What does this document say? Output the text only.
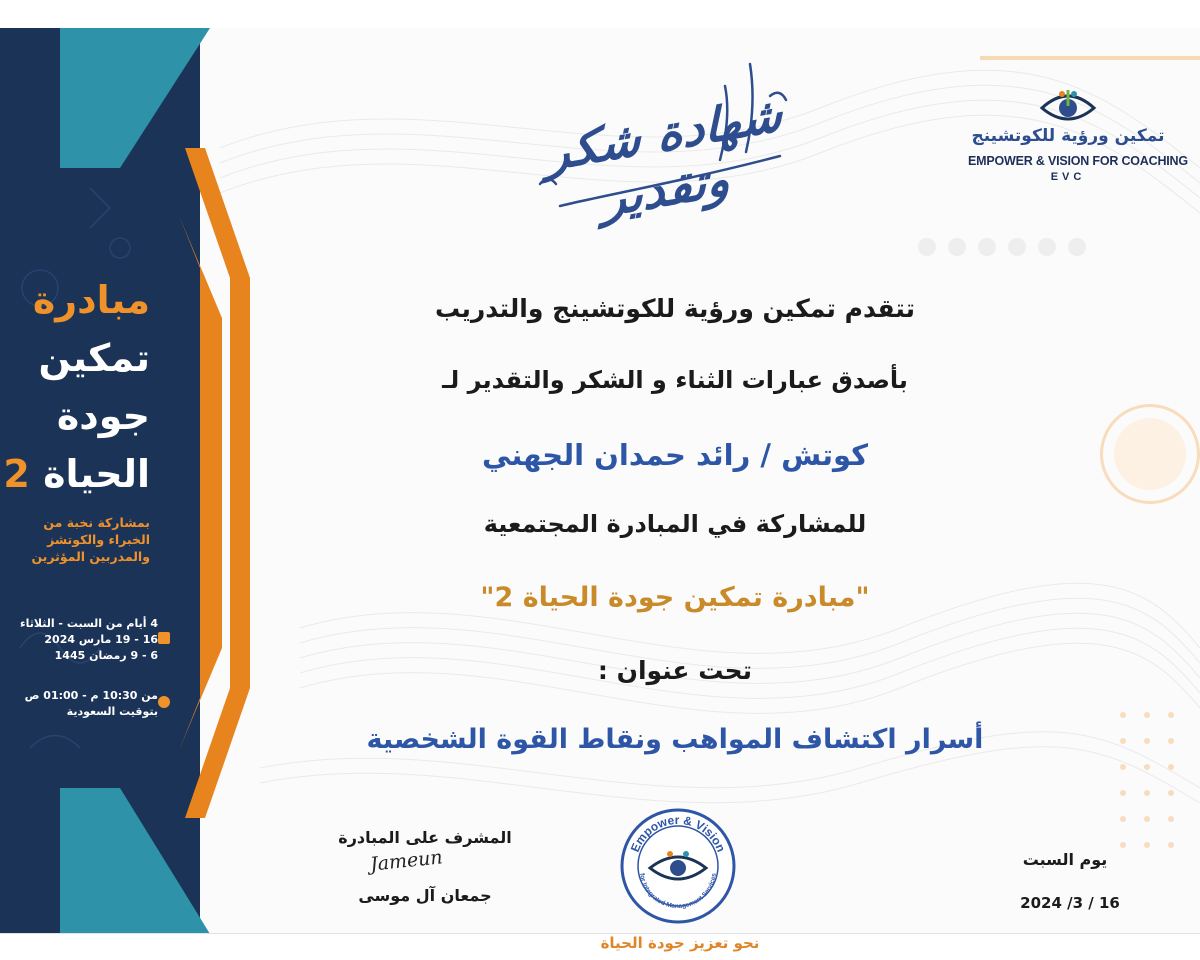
مبادرة
تمكين
جودة
الحياة 2
بمشاركة نخبة من
الخبراء والكوتشز
والمدربين المؤثرين
4 أيام من السبت - الثلاثاء
16 - 19 مارس 2024
6 - 9 رمضان 1445
من 10:30 م - 01:00 ص
بتوقيت السعودية
شهادة شكر وتقدير
تمكين ورؤية للكوتشينج
EMPOWER & VISION FOR COACHING
EVC
تتقدم تمكين ورؤية للكوتشينج والتدريب
بأصدق عبارات الثناء و الشكر والتقدير لـ
كوتش / رائد حمدان الجهني
للمشاركة في المبادرة المجتمعية
"مبادرة تمكين جودة الحياة 2"
تحت عنوان :
أسرار اكتشاف المواهب ونقاط القوة الشخصية
المشرف على المبادرة
Jameun
جمعان آل موسى
Empower & Vision
for Integrated Management Services
نحو تعزيز جودة الحياة
يوم السبت
2024 /3 / 16
